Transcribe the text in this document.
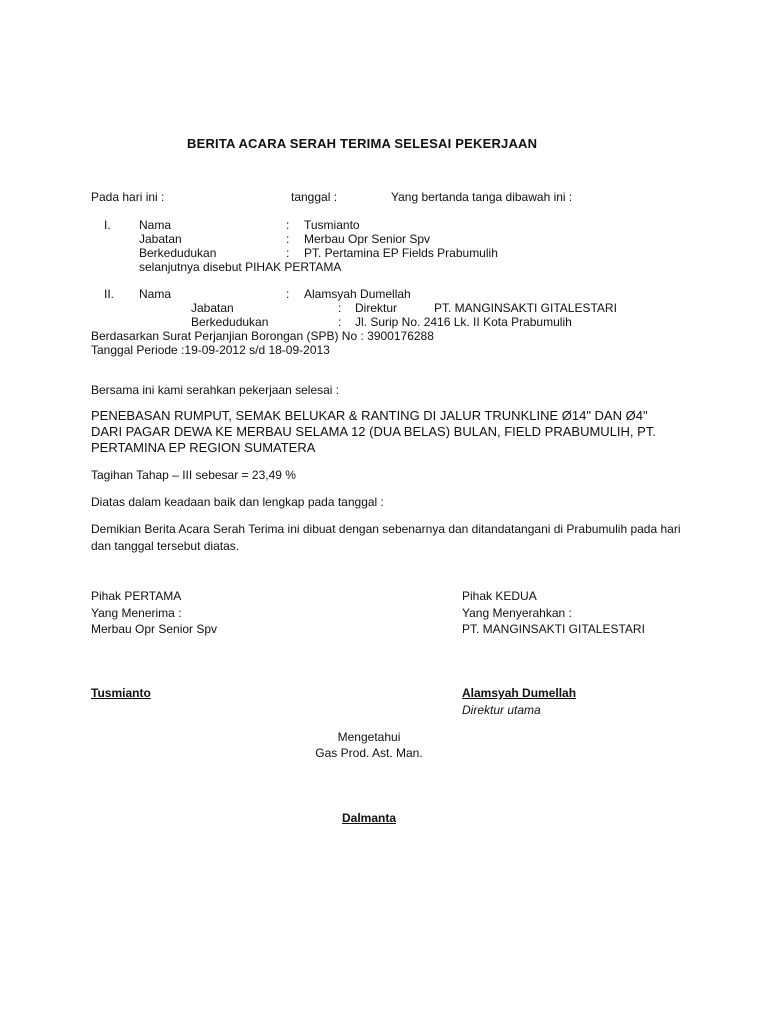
BERITA ACARA SERAH TERIMA SELESAI PEKERJAAN
Pada hari ini :	tanggal :	Yang bertanda tanga dibawah ini :
I. Nama	: Tusmianto
Jabatan	: Merbau Opr Senior Spv
Berkedudukan	: PT. Pertamina EP Fields Prabumulih
selanjutnya disebut PIHAK PERTAMA
II. Nama	: Alamsyah Dumellah
Jabatan	: Direktur	PT. MANGINSAKTI GITALESTARI
Berkedudukan	: Jl. Surip No. 2416 Lk. II Kota Prabumulih
Berdasarkan Surat Perjanjian Borongan (SPB) No : 3900176288
Tanggal Periode :19-09-2012 s/d 18-09-2013
Bersama ini kami serahkan pekerjaan selesai :
PENEBASAN RUMPUT, SEMAK BELUKAR & RANTING DI JALUR TRUNKLINE Ø14" DAN Ø4" DARI PAGAR DEWA KE MERBAU SELAMA 12 (DUA BELAS) BULAN, FIELD PRABUMULIH, PT. PERTAMINA EP REGION SUMATERA
Tagihan Tahap – III sebesar = 23,49 %
Diatas dalam keadaan baik dan lengkap pada tanggal :
Demikian Berita Acara Serah Terima ini dibuat dengan sebenarnya dan ditandatangani di Prabumulih pada hari dan tanggal tersebut diatas.
Pihak PERTAMA
Yang Menerima :
Merbau Opr Senior Spv
Tusmianto
Pihak KEDUA
Yang Menyerahkan :
PT. MANGINSAKTI GITALESTARI
Alamsyah Dumellah
Direktur utama
Mengetahui
Gas Prod. Ast. Man.
Dalmanta
